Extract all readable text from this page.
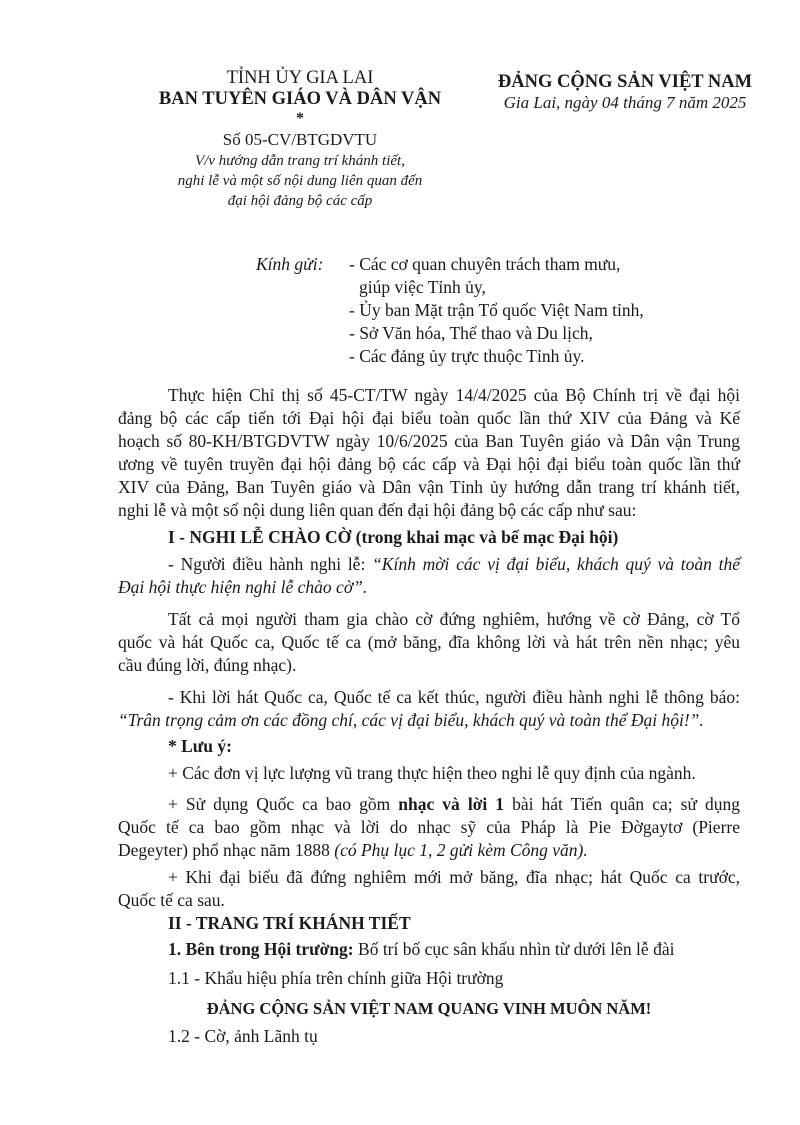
TỈNH ỦY GIA LAI
BAN TUYÊN GIÁO VÀ DÂN VẬN
*
Số 05-CV/BTGDVTU
V/v hướng dẫn trang trí khánh tiết,
nghi lễ và một số nội dung liên quan đến
đại hội đảng bộ các cấp
ĐẢNG CỘNG SẢN VIỆT NAM
Gia Lai, ngày 04 tháng 7 năm 2025
Kính gửi: - Các cơ quan chuyên trách tham mưu,
giúp việc Tỉnh ủy,
- Ủy ban Mặt trận Tổ quốc Việt Nam tỉnh,
- Sở Văn hóa, Thể thao và Du lịch,
- Các đảng ủy trực thuộc Tỉnh ủy.
Thực hiện Chỉ thị số 45-CT/TW ngày 14/4/2025 của Bộ Chính trị về đại hội
đảng bộ các cấp tiến tới Đại hội đại biểu toàn quốc lần thứ XIV của Đảng và Kế
hoạch số 80-KH/BTGDVTW ngày 10/6/2025 của Ban Tuyên giáo và Dân vận Trung
ương về tuyên truyền đại hội đảng bộ các cấp và Đại hội đại biểu toàn quốc lần thứ
XIV của Đảng, Ban Tuyên giáo và Dân vận Tỉnh ủy hướng dẫn trang trí khánh tiết,
nghi lễ và một số nội dung liên quan đến đại hội đảng bộ các cấp như sau:
I - NGHI LỄ CHÀO CỜ (trong khai mạc và bế mạc Đại hội)
- Người điều hành nghi lễ: “Kính mời các vị đại biểu, khách quý và toàn thể
Đại hội thực hiện nghi lễ chào cờ”.
Tất cả mọi người tham gia chào cờ đứng nghiêm, hướng về cờ Đảng, cờ Tổ
quốc và hát Quốc ca, Quốc tế ca (mở băng, đĩa không lời và hát trên nền nhạc; yêu
cầu đúng lời, đúng nhạc).
- Khi lời hát Quốc ca, Quốc tế ca kết thúc, người điều hành nghi lễ thông báo:
“Trân trọng cảm ơn các đồng chí, các vị đại biểu, khách quý và toàn thể Đại hội!”.
* Lưu ý:
+ Các đơn vị lực lượng vũ trang thực hiện theo nghi lễ quy định của ngành.
+ Sử dụng Quốc ca bao gồm nhạc và lời 1 bài hát Tiến quân ca; sử dụng
Quốc tế ca bao gồm nhạc và lời do nhạc sỹ của Pháp là Pie Đờgaytơ (Pierre
Degeyter) phổ nhạc năm 1888 (có Phụ lục 1, 2 gửi kèm Công văn).
+ Khi đại biểu đã đứng nghiêm mới mở băng, đĩa nhạc; hát Quốc ca trước,
Quốc tế ca sau.
II - TRANG TRÍ KHÁNH TIẾT
1. Bên trong Hội trường: Bố trí bố cục sân khấu nhìn từ dưới lên lễ đài
1.1 - Khẩu hiệu phía trên chính giữa Hội trường
ĐẢNG CỘNG SẢN VIỆT NAM QUANG VINH MUÔN NĂM!
1.2 - Cờ, ảnh Lãnh tụ
